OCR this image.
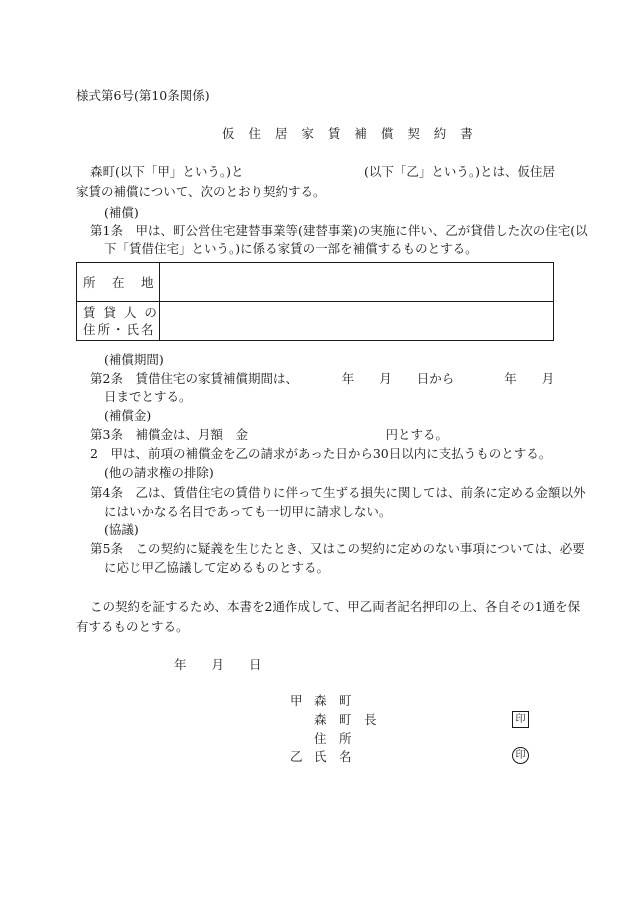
様式第6号(第10条関係)
仮 住 居 家 賃 補 償 契 約 書
森町(以下「甲」という。)と	(以下「乙」という。)とは、仮住居
家賃の補償について、次のとおり契約する。
(補償)
第1条　甲は、町公営住宅建替事業等(建替事業)の実施に伴い、乙が貸借した次の住宅(以
下「賃借住宅」という。)に係る家賃の一部を補償するものとする。
所　在　地	

賃 貸 人 の
住所・氏名	

(補償期間)
第2条　賃借住宅の家賃補償期間は、　　　　年　　月　　日から　　　　年　　月
日までとする。
(補償金)
第3条　補償金は、月額　金　　　　　　　　　　　円とする。
2　甲は、前項の補償金を乙の請求があった日から30日以内に支払うものとする。
(他の請求権の排除)
第4条　乙は、賃借住宅の賃借りに伴って生ずる損失に関しては、前条に定める金額以外
にはいかなる名目であっても一切甲に請求しない。
(協議)
第5条　この契約に疑義を生じたとき、又はこの契約に定めのない事項については、必要
に応じ甲乙協議して定めるものとする。
この契約を証するため、本書を2通作成して、甲乙両者記名押印の上、各自その1通を保
有するものとする。
年　　月　　日
甲 森　町
森　町　長	印
住　所
乙 氏　名	印
